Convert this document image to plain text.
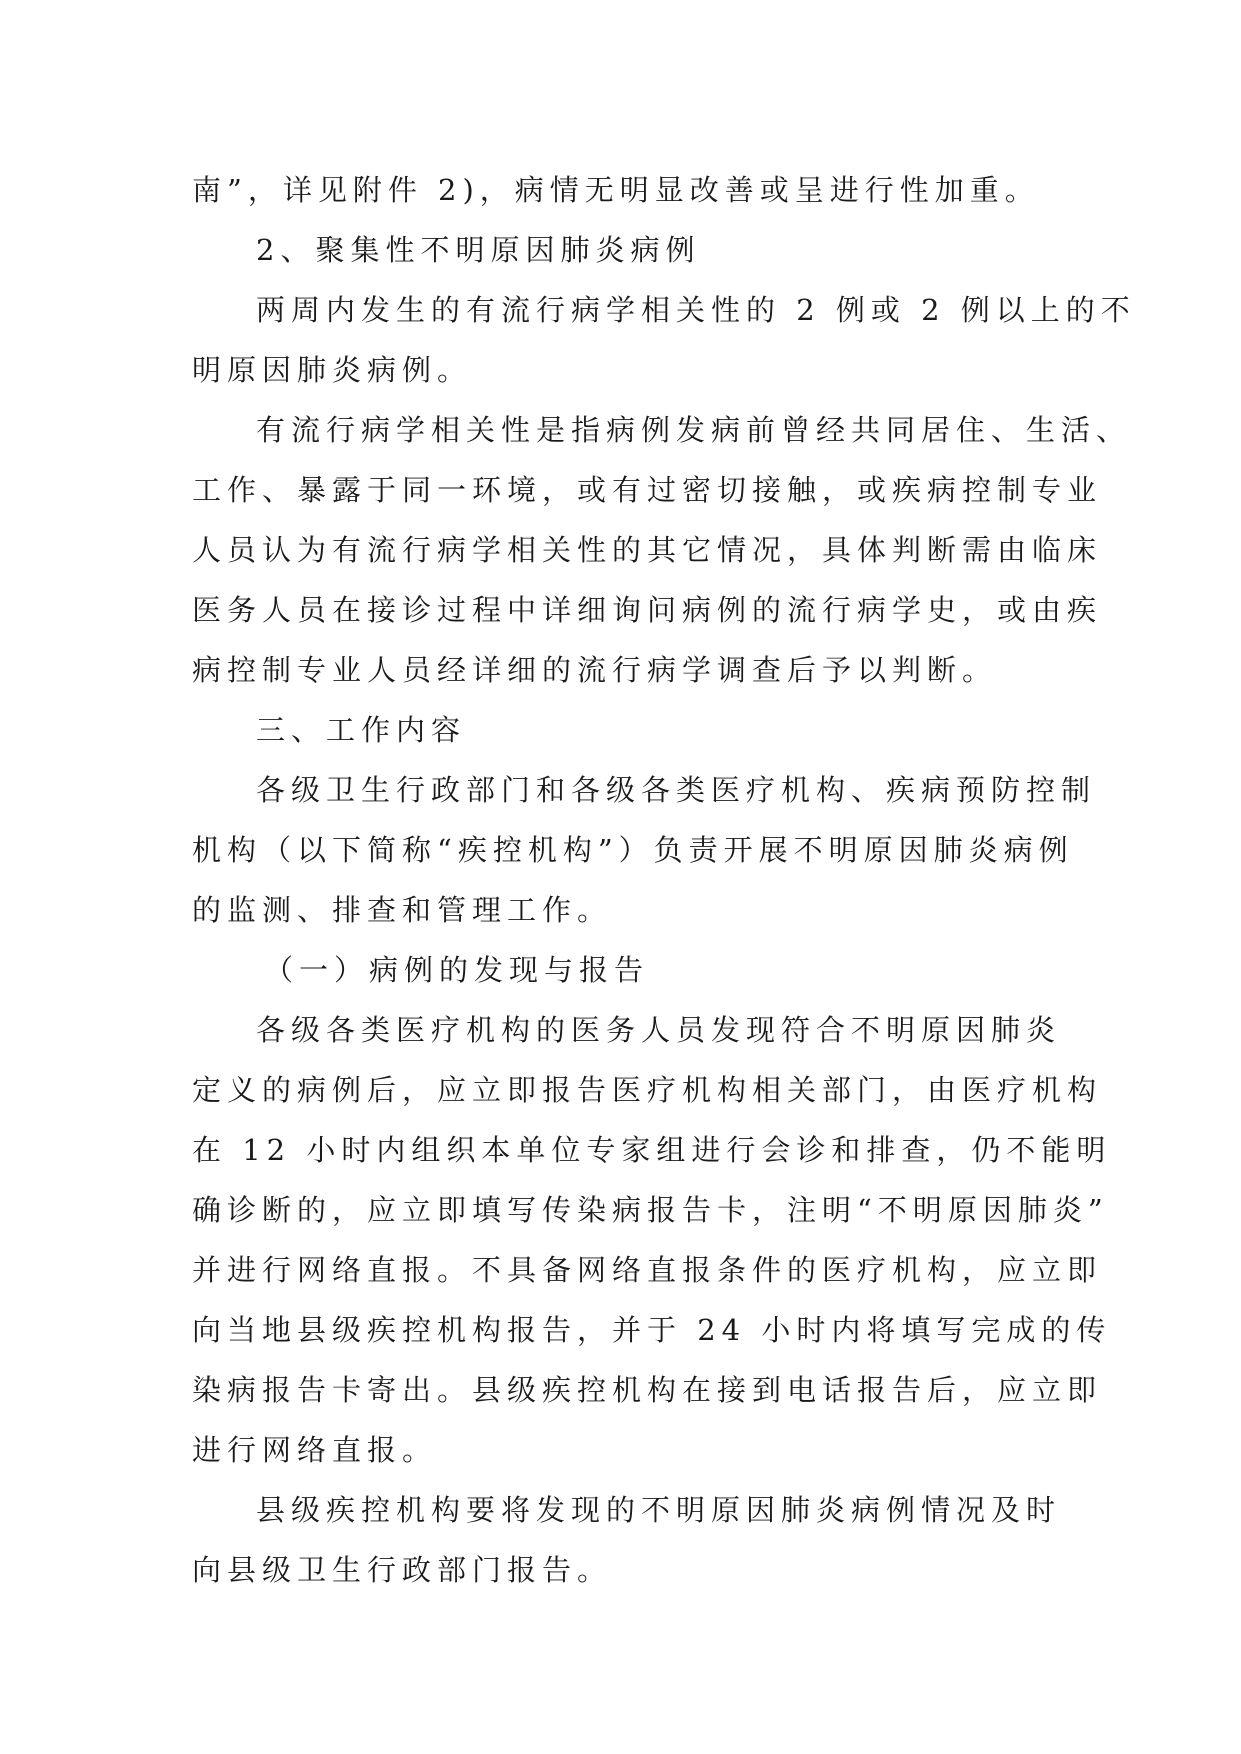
南”，详见附件 2)，病情无明显改善或呈进行性加重。
2、聚集性不明原因肺炎病例
两周内发生的有流行病学相关性的 2 例或 2 例以上的不
明原因肺炎病例。
有流行病学相关性是指病例发病前曾经共同居住、生活、
工作、暴露于同一环境，或有过密切接触，或疾病控制专业
人员认为有流行病学相关性的其它情况，具体判断需由临床
医务人员在接诊过程中详细询问病例的流行病学史，或由疾
病控制专业人员经详细的流行病学调查后予以判断。
三、工作内容
各级卫生行政部门和各级各类医疗机构、疾病预防控制
机构（以下简称“疾控机构”）负责开展不明原因肺炎病例
的监测、排查和管理工作。
（一）病例的发现与报告
各级各类医疗机构的医务人员发现符合不明原因肺炎
定义的病例后，应立即报告医疗机构相关部门，由医疗机构
在 12 小时内组织本单位专家组进行会诊和排查，仍不能明
确诊断的，应立即填写传染病报告卡，注明“不明原因肺炎”
并进行网络直报。不具备网络直报条件的医疗机构，应立即
向当地县级疾控机构报告，并于 24 小时内将填写完成的传
染病报告卡寄出。县级疾控机构在接到电话报告后，应立即
进行网络直报。
县级疾控机构要将发现的不明原因肺炎病例情况及时
向县级卫生行政部门报告。
